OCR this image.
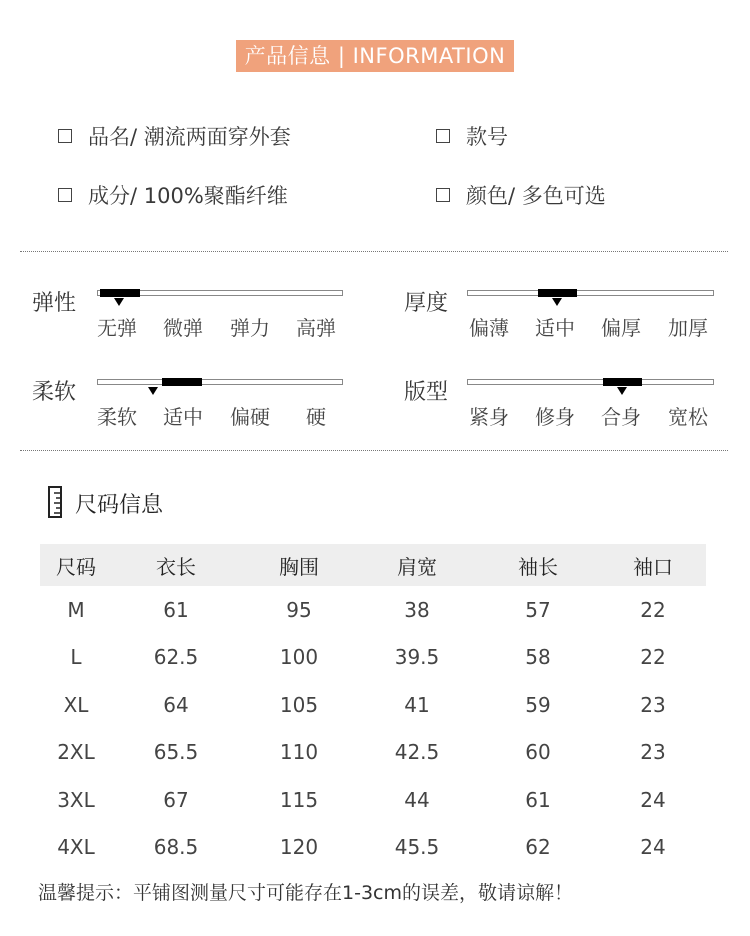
产品信息 | INFORMATION
品名/ 潮流两面穿外套	款号
成分/ 100%聚酯纤维	颜色/ 多色可选
弹性
无弹 微弹 弹力 高弹
厚度
偏薄 适中 偏厚 加厚
柔软
柔软 适中 偏硬 硬
版型
紧身 修身 合身 宽松
尺码信息
尺码	衣长	胸围	肩宽	袖长	袖口
M	61	95	38	57	22
L	62.5	100	39.5	58	22
XL	64	105	41	59	23
2XL	65.5	110	42.5	60	23
3XL	67	115	44	61	24
4XL	68.5	120	45.5	62	24
温馨提示：平铺图测量尺寸可能存在1-3cm的误差，敬请谅解！
